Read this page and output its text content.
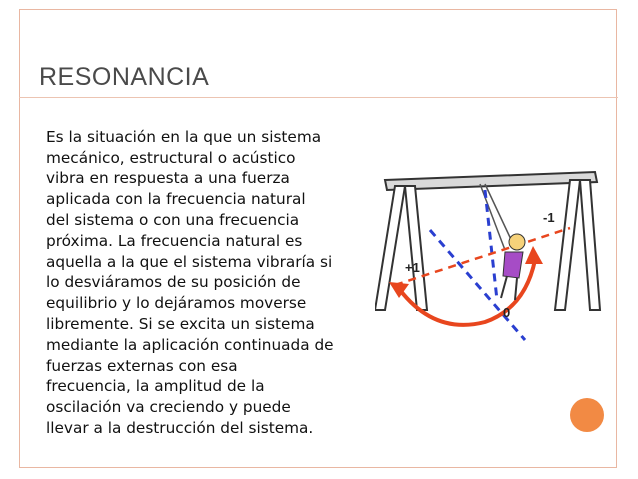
RESONANCIA

Es la situación en la que un sistema
mecánico, estructural o acústico
vibra en respuesta a una fuerza
aplicada con la frecuencia natural
del sistema o con una frecuencia
próxima. La frecuencia natural es
aquella a la que el sistema vibraría si
lo desviáramos de su posición de
equilibrio y lo dejáramos moverse
libremente. Si se excita un sistema
mediante la aplicación continuada de
fuerzas externas con esa
frecuencia, la amplitud de la
oscilación va creciendo y puede
llevar a la destrucción del sistema.

+1
-1
0
